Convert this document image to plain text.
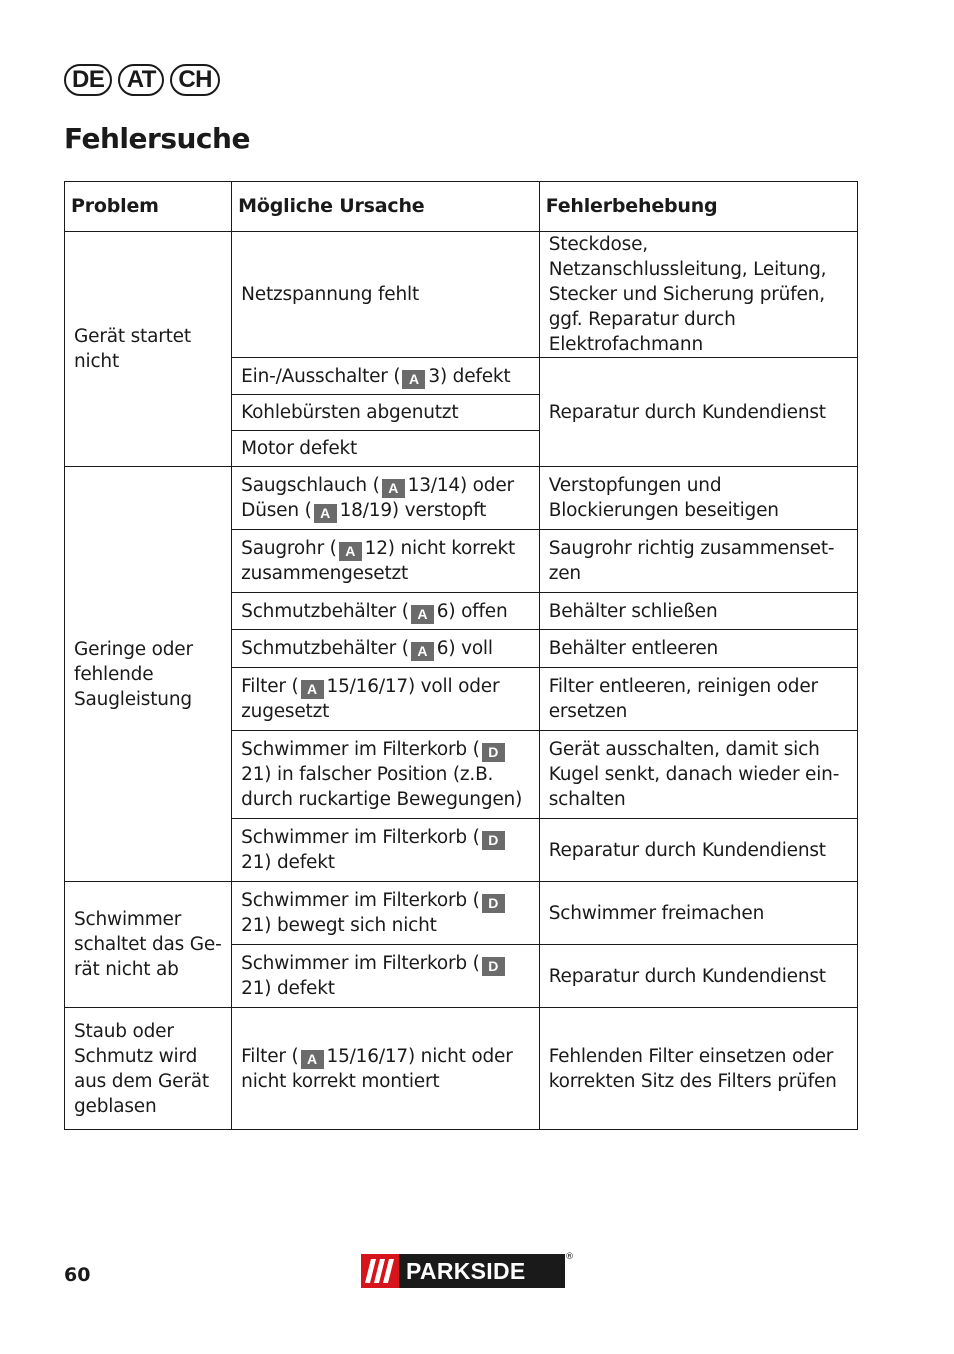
DE AT CH
Fehlersuche
Problem	Mögliche Ursache	Fehlerbehebung
Gerät startet nicht	Netzspannung fehlt	Steckdose, Netzanschlussleitung, Leitung, Stecker und Sicherung prüfen, ggf. Reparatur durch Elektrofachmann
	Ein-/Ausschalter ( A 3) defekt	Reparatur durch Kundendienst
	Kohlebürsten abgenutzt	
	Motor defekt	
Geringe oder fehlende Saugleistung	Saugschlauch ( A 13/14) oder Düsen ( A 18/19) verstopft	Verstopfungen und Blockierungen beseitigen
	Saugrohr ( A 12) nicht korrekt zusammengesetzt	Saugrohr richtig zusammenset-zen
	Schmutzbehälter ( A 6) offen	Behälter schließen
	Schmutzbehälter ( A 6) voll	Behälter entleeren
	Filter ( A 15/16/17) voll oder zugesetzt	Filter entleeren, reinigen oder ersetzen
	Schwimmer im Filterkorb ( D21) in falscher Position (z.B. durch ruckartige Bewegungen)	Gerät ausschalten, damit sich Kugel senkt, danach wieder ein-schalten
	Schwimmer im Filterkorb ( D21) defekt	Reparatur durch Kundendienst
Schwimmer schaltet das Ge-rät nicht ab	Schwimmer im Filterkorb ( D21) bewegt sich nicht	Schwimmer freimachen
	Schwimmer im Filterkorb ( D21) defekt	Reparatur durch Kundendienst
Staub oder Schmutz wird aus dem Gerät geblasen	Filter ( A 15/16/17) nicht oder nicht korrekt montiert	Fehlenden Filter einsetzen oder korrekten Sitz des Filters prüfen
60	PARKSIDE
®
